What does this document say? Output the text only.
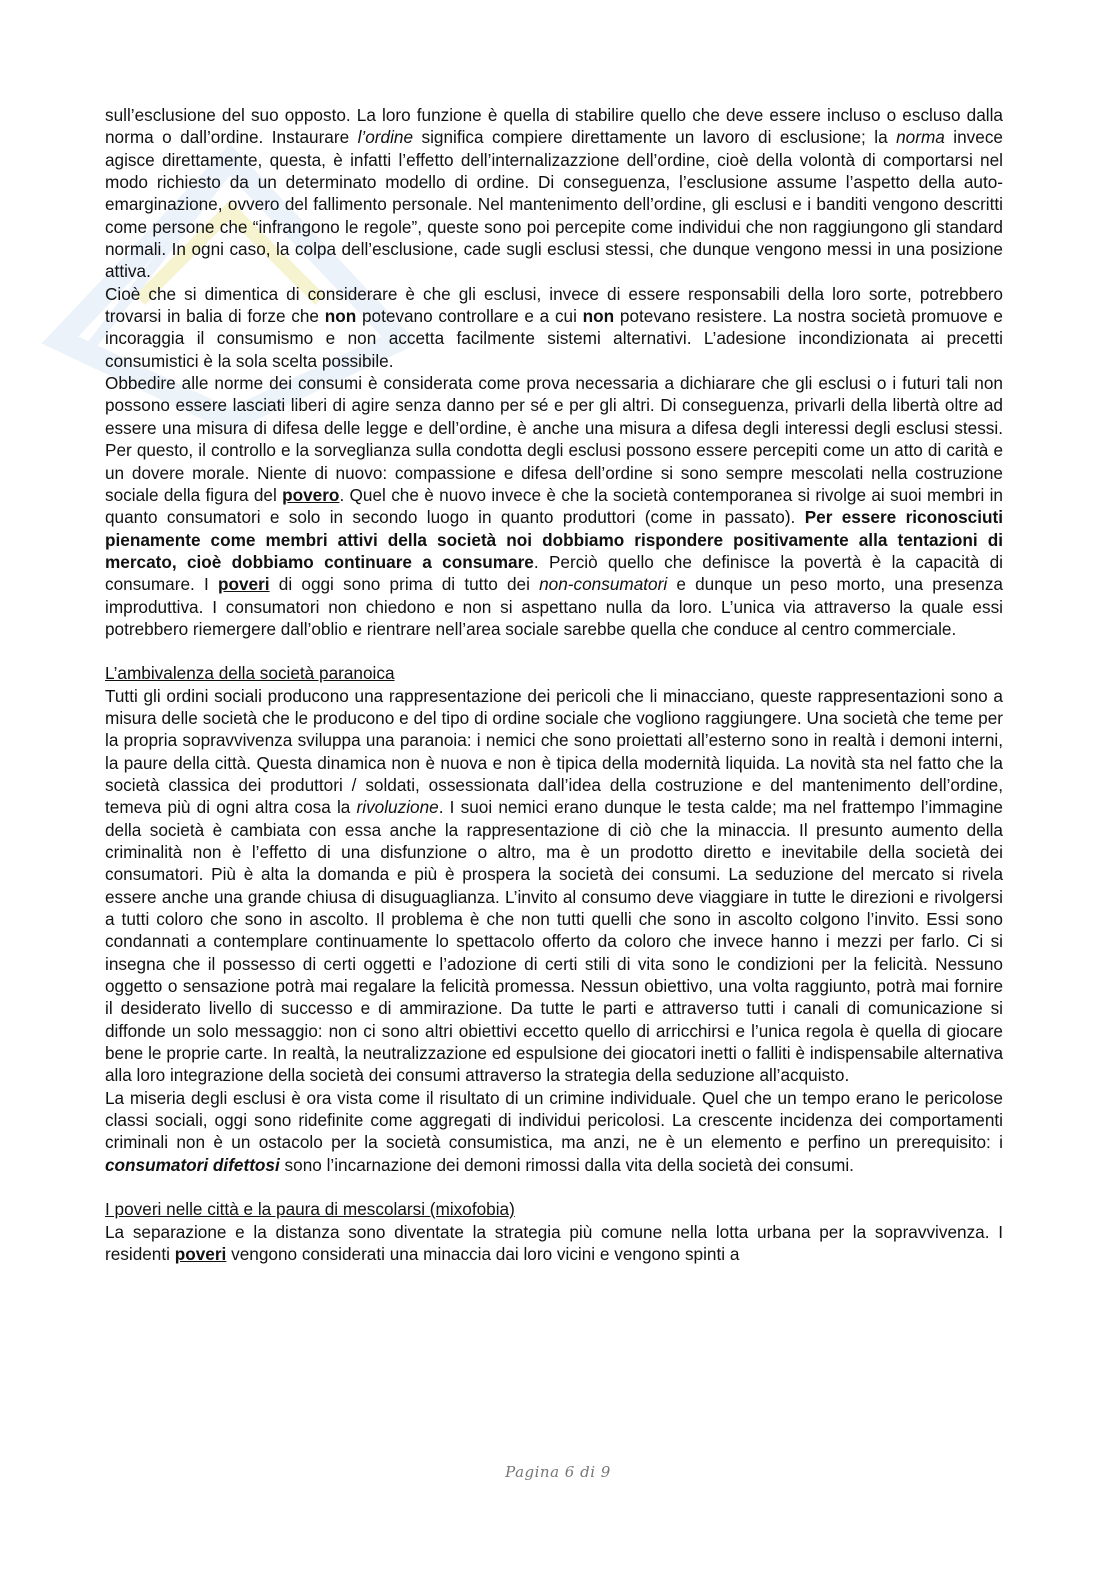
sull’esclusione del suo opposto. La loro funzione è quella di stabilire quello che deve essere incluso o escluso dalla norma o dall’ordine. Instaurare l’ordine significa compiere direttamente un lavoro di esclusione; la norma invece agisce direttamente, questa, è infatti l’effetto dell’internalizazzione dell’ordine, cioè della volontà di comportarsi nel modo richiesto da un determinato modello di ordine. Di conseguenza, l’esclusione assume l’aspetto della auto-emarginazione, ovvero del fallimento personale. Nel mantenimento dell’ordine, gli esclusi e i banditi vengono descritti come persone che “infrangono le regole”, queste sono poi percepite come individui che non raggiungono gli standard normali. In ogni caso, la colpa dell’esclusione, cade sugli esclusi stessi, che dunque vengono messi in una posizione attiva.

Cioè che si dimentica di considerare è che gli esclusi, invece di essere responsabili della loro sorte, potrebbero trovarsi in balia di forze che non potevano controllare e a cui non potevano resistere. La nostra società promuove e incoraggia il consumismo e non accetta facilmente sistemi alternativi. L’adesione incondizionata ai precetti consumistici è la sola scelta possibile.

Obbedire alle norme dei consumi è considerata come prova necessaria a dichiarare che gli esclusi o i futuri tali non possono essere lasciati liberi di agire senza danno per sé e per gli altri. Di conseguenza, privarli della libertà oltre ad essere una misura di difesa delle legge e dell’ordine, è anche una misura a difesa degli interessi degli esclusi stessi. Per questo, il controllo e la sorveglianza sulla condotta degli esclusi possono essere percepiti come un atto di carità e un dovere morale. Niente di nuovo: compassione e difesa dell’ordine si sono sempre mescolati nella costruzione sociale della figura del povero. Quel che è nuovo invece è che la società contemporanea si rivolge ai suoi membri in quanto consumatori e solo in secondo luogo in quanto produttori (come in passato). Per essere riconosciuti pienamente come membri attivi della società noi dobbiamo rispondere positivamente alla tentazioni di mercato, cioè dobbiamo continuare a consumare. Perciò quello che definisce la povertà è la capacità di consumare. I poveri di oggi sono prima di tutto dei non-consumatori e dunque un peso morto, una presenza improduttiva. I consumatori non chiedono e non si aspettano nulla da loro. L’unica via attraverso la quale essi potrebbero riemergere dall’oblio e rientrare nell’area sociale sarebbe quella che conduce al centro commerciale.

L’ambivalenza della società paranoica

Tutti gli ordini sociali producono una rappresentazione dei pericoli che li minacciano, queste rappresentazioni sono a misura delle società che le producono e del tipo di ordine sociale che vogliono raggiungere. Una società che teme per la propria sopravvivenza sviluppa una paranoia: i nemici che sono proiettati all’esterno sono in realtà i demoni interni, la paure della città. Questa dinamica non è nuova e non è tipica della modernità liquida. La novità sta nel fatto che la società classica dei produttori / soldati, ossessionata dall’idea della costruzione e del mantenimento dell’ordine, temeva più di ogni altra cosa la rivoluzione. I suoi nemici erano dunque le testa calde; ma nel frattempo l’immagine della società è cambiata con essa anche la rappresentazione di ciò che la minaccia. Il presunto aumento della criminalità non è l’effetto di una disfunzione o altro, ma è un prodotto diretto e inevitabile della società dei consumatori. Più è alta la domanda e più è prospera la società dei consumi. La seduzione del mercato si rivela essere anche una grande chiusa di disuguaglianza. L’invito al consumo deve viaggiare in tutte le direzioni e rivolgersi a tutti coloro che sono in ascolto. Il problema è che non tutti quelli che sono in ascolto colgono l’invito. Essi sono condannati a contemplare continuamente lo spettacolo offerto da coloro che invece hanno i mezzi per farlo. Ci si insegna che il possesso di certi oggetti e l’adozione di certi stili di vita sono le condizioni per la felicità. Nessuno oggetto o sensazione potrà mai regalare la felicità promessa. Nessun obiettivo, una volta raggiunto, potrà mai fornire il desiderato livello di successo e di ammirazione. Da tutte le parti e attraverso tutti i canali di comunicazione si diffonde un solo messaggio: non ci sono altri obiettivi eccetto quello di arricchirsi e l’unica regola è quella di giocare bene le proprie carte. In realtà, la neutralizzazione ed espulsione dei giocatori inetti o falliti è indispensabile alternativa alla loro integrazione della società dei consumi attraverso la strategia della seduzione all’acquisto.

La miseria degli esclusi è ora vista come il risultato di un crimine individuale. Quel che un tempo erano le pericolose classi sociali, oggi sono ridefinite come aggregati di individui pericolosi. La crescente incidenza dei comportamenti criminali non è un ostacolo per la società consumistica, ma anzi, ne è un elemento e perfino un prerequisito: i consumatori difettosi sono l’incarnazione dei demoni rimossi dalla vita della società dei consumi.

I poveri nelle città e la paura di mescolarsi (mixofobia)

La separazione e la distanza sono diventate la strategia più comune nella lotta urbana per la sopravvivenza. I residenti poveri vengono considerati una minaccia dai loro vicini e vengono spinti a

Pagina 6 di 9
